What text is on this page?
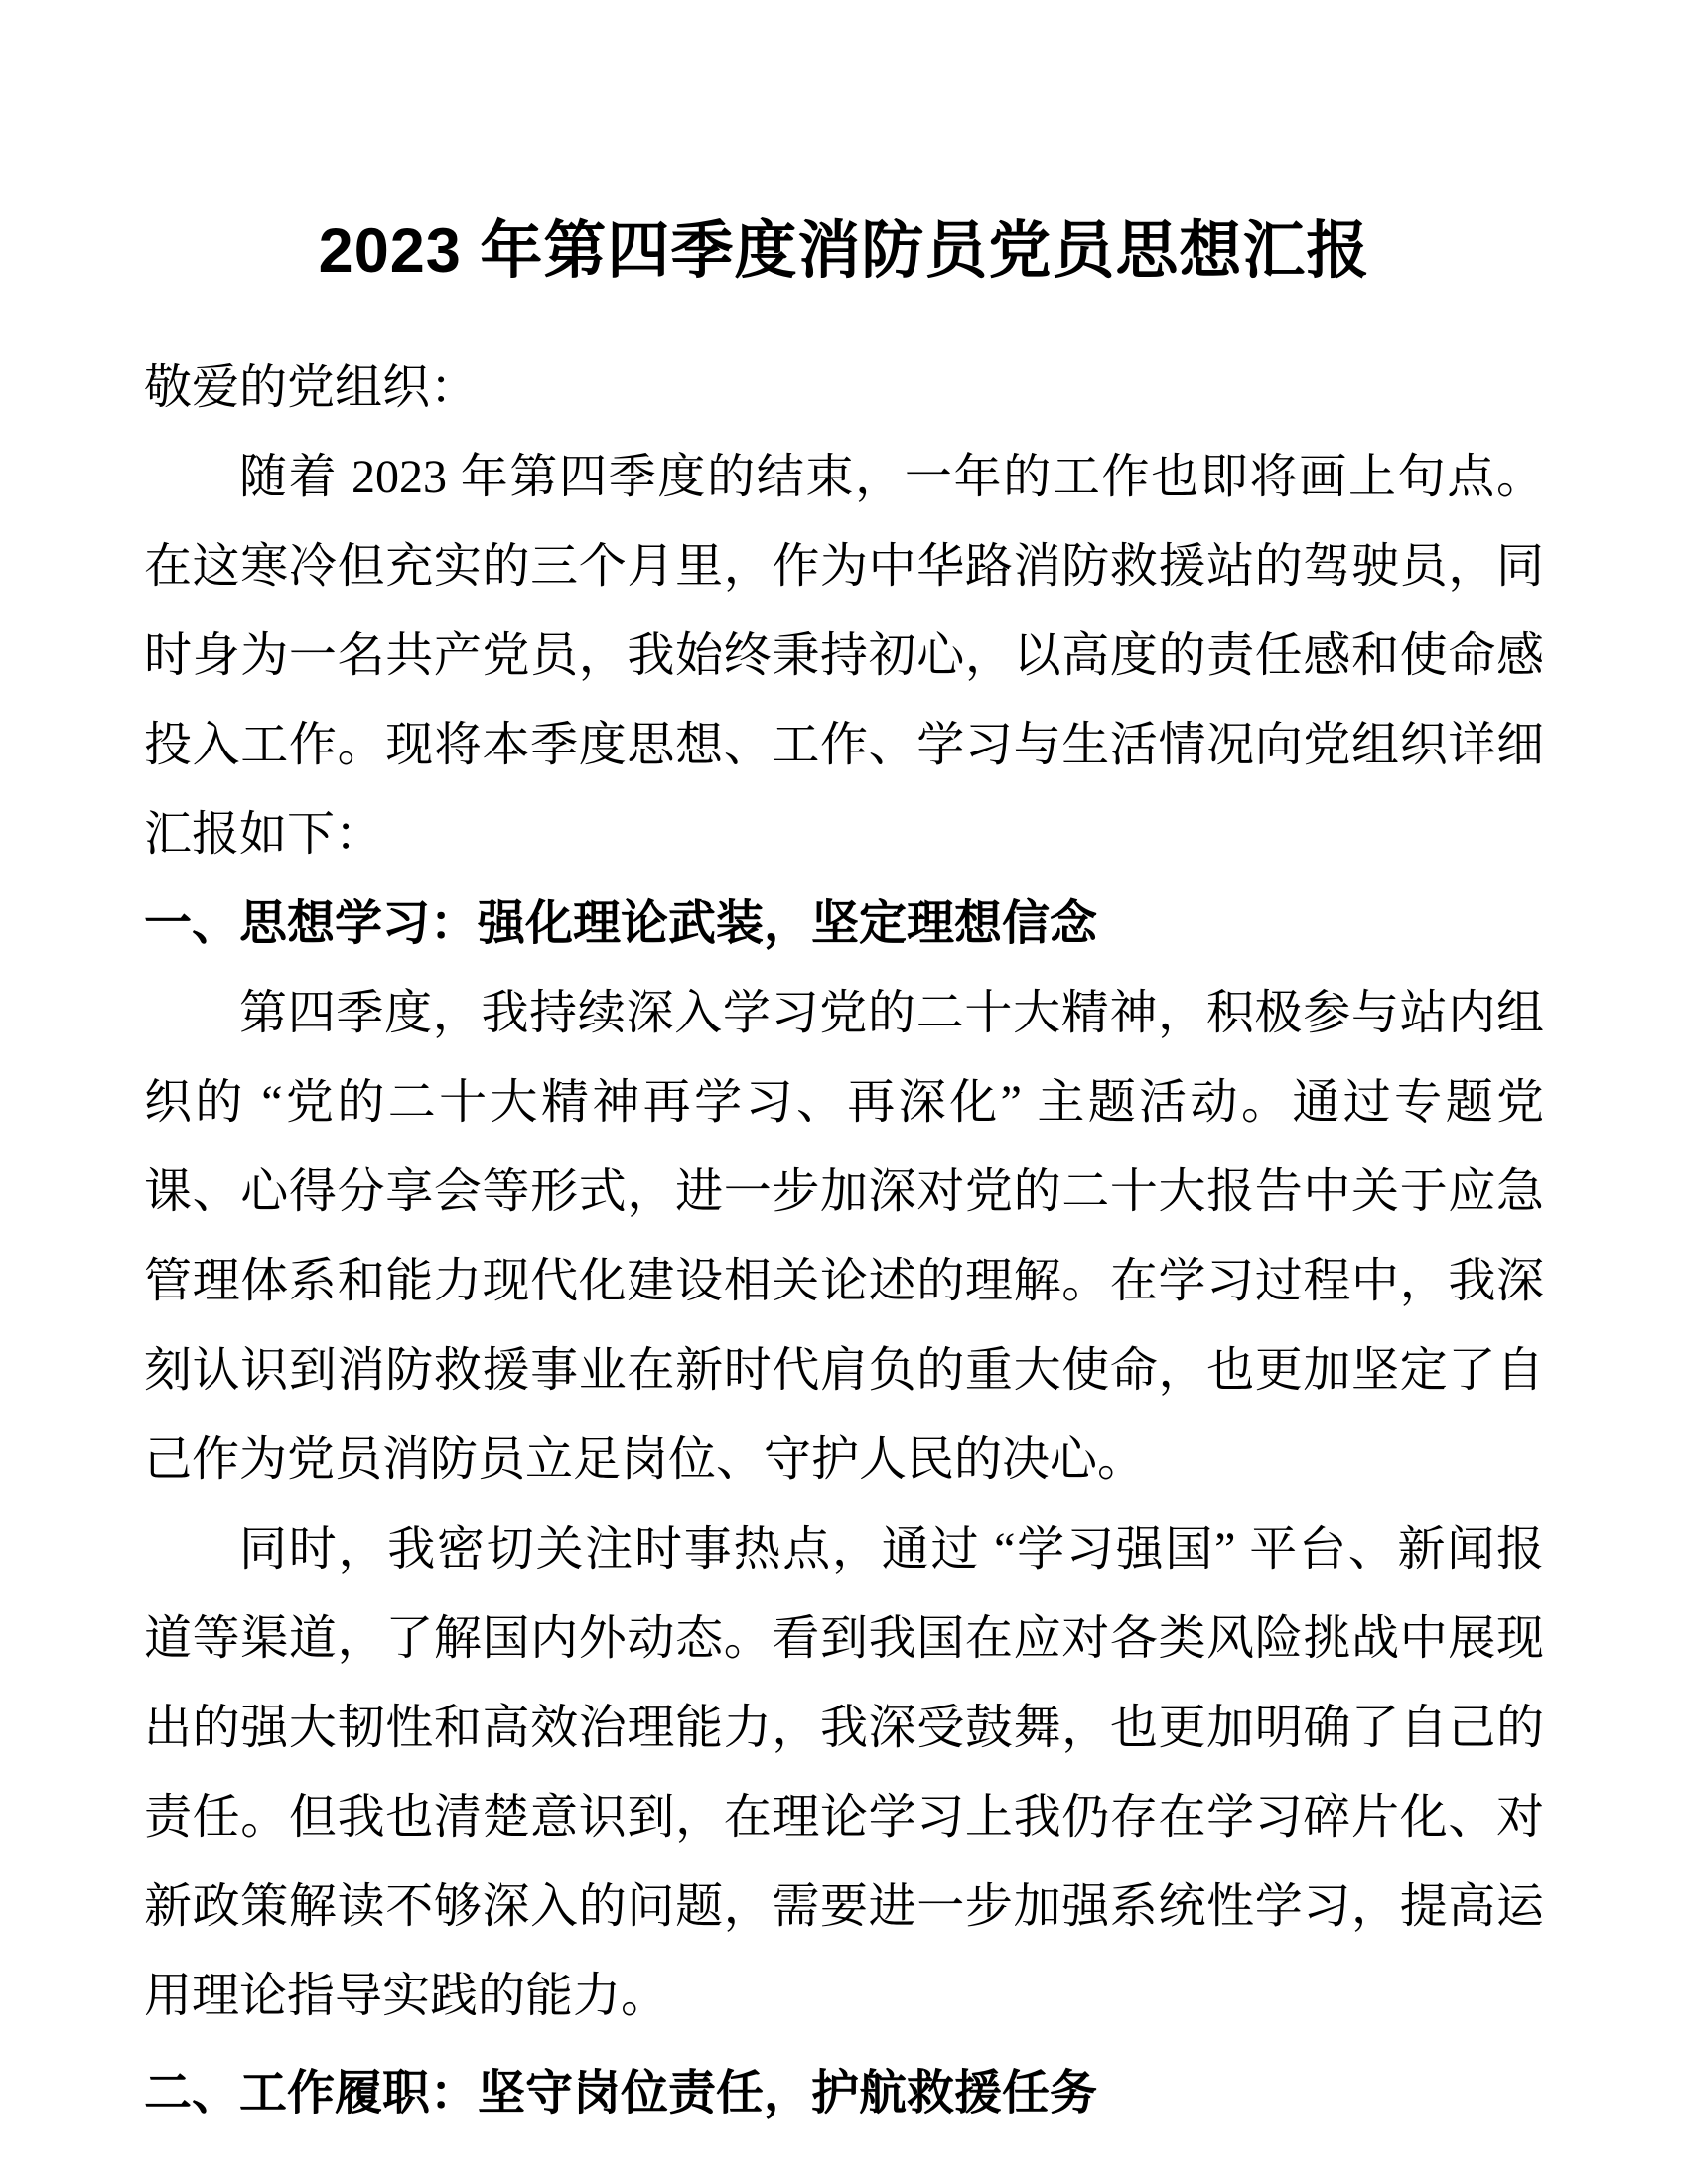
2023 年第四季度消防员党员思想汇报
敬爱的党组织：

随着 2023 年第四季度的结束，一年的工作也即将画上句点。在这寒冷但充实的三个月里，作为中华路消防救援站的驾驶员，同时身为一名共产党员，我始终秉持初心，以高度的责任感和使命感投入工作。现将本季度思想、工作、学习与生活情况向党组织详细汇报如下：

一、思想学习：强化理论武装，坚定理想信念

第四季度，我持续深入学习党的二十大精神，积极参与站内组织的 “党的二十大精神再学习、再深化” 主题活动。通过专题党课、心得分享会等形式，进一步加深对党的二十大报告中关于应急管理体系和能力现代化建设相关论述的理解。在学习过程中，我深刻认识到消防救援事业在新时代肩负的重大使命，也更加坚定了自己作为党员消防员立足岗位、守护人民的决心。

同时，我密切关注时事热点，通过 “学习强国” 平台、新闻报道等渠道，了解国内外动态。看到我国在应对各类风险挑战中展现出的强大韧性和高效治理能力，我深受鼓舞，也更加明确了自己的责任。但我也清楚意识到，在理论学习上我仍存在学习碎片化、对新政策解读不够深入的问题，需要进一步加强系统性学习，提高运用理论指导实践的能力。

二、工作履职：坚守岗位责任，护航救援任务
